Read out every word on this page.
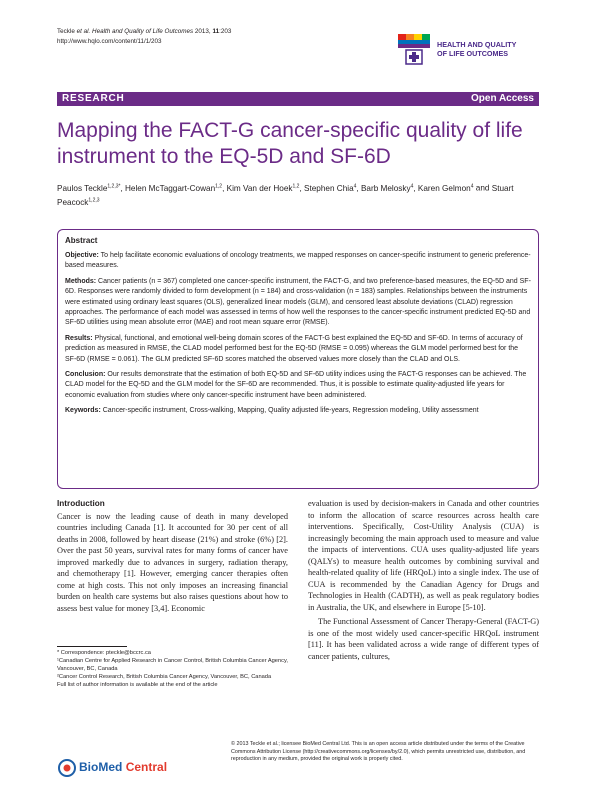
Teckle et al. Health and Quality of Life Outcomes 2013, 11:203
http://www.hqlo.com/content/11/1/203	HEALTH AND QUALITY
OF LIFE OUTCOMES
RESEARCH	Open Access
Mapping the FACT-G cancer-specific quality of life instrument to the EQ-5D and SF-6D
Paulos Teckle$^{1,2,3*}$, Helen McTaggart-Cowan$^{1,2}$, Kim Van der Hoek$^{1,2}$, Stephen Chia$^4$, Barb Melosky$^4$, Karen Gelmon$^4$ and Stuart Peacock$^{1,2,3}$
Abstract

Objective: To help facilitate economic evaluations of oncology treatments, we mapped responses on cancer-specific instrument to generic preference-based measures.

Methods: Cancer patients (n = 367) completed one cancer-specific instrument, the FACT-G, and two preference-based measures, the EQ-5D and SF-6D. Responses were randomly divided to form development (n = 184) and cross-validation (n = 183) samples. Relationships between the instruments were estimated using ordinary least squares (OLS), generalized linear models (GLM), and censored least absolute deviations (CLAD) regression approaches. The performance of each model was assessed in terms of how well the responses to the cancer-specific instrument predicted EQ-5D and SF-6D utilities using mean absolute error (MAE) and root mean square error (RMSE).

Results: Physical, functional, and emotional well-being domain scores of the FACT-G best explained the EQ-5D and SF-6D. In terms of accuracy of prediction as measured in RMSE, the CLAD model performed best for the EQ-5D (RMSE = 0.095) whereas the GLM model performed best for the SF-6D (RMSE = 0.061). The GLM predicted SF-6D scores matched the observed values more closely than the CLAD and OLS.

Conclusion: Our results demonstrate that the estimation of both EQ-5D and SF-6D utility indices using the FACT-G responses can be achieved. The CLAD model for the EQ-5D and the GLM model for the SF-6D are recommended. Thus, it is possible to estimate quality-adjusted life years for economic evaluation from studies where only cancer-specific instrument have been administered.

Keywords: Cancer-specific instrument, Cross-walking, Mapping, Quality adjusted life-years, Regression modeling, Utility assessment

Introduction

Cancer is now the leading cause of death in many developed countries including Canada [1]. It accounted for 30 per cent of all deaths in 2008, followed by heart disease (21%) and stroke (6%) [2]. Over the past 50 years, survival rates for many forms of cancer have improved markedly due to advances in surgery, radiation therapy, and chemotherapy [1]. However, emerging cancer therapies often come at high costs. This not only imposes an increasing financial burden on health care systems but also raises questions about how to assess best value for money [3,4]. Economic

evaluation is used by decision-makers in Canada and other countries to inform the allocation of scarce resources across health care interventions. Specifically, Cost-Utility Analysis (CUA) is increasingly becoming the main approach used to measure and value the impacts of interventions. CUA uses quality-adjusted life years (QALYs) to measure health outcomes by combining survival and health-related quality of life (HRQoL) into a single index. The use of CUA is recommended by the Canadian Agency for Drugs and Technologies in Health (CADTH), as well as peak regulatory bodies in Australia, the UK, and elsewhere in Europe [5-10].

The Functional Assessment of Cancer Therapy-General (FACT-G) is one of the most widely used cancer-specific HRQoL instrument [11]. It has been validated across a wide range of different types of cancer patients, cultures,

* Correspondence: pteckle@bccrc.ca

¹Canadian Centre for Applied Research in Cancer Control, British Columbia Cancer Agency, Vancouver, BC, Canada

²Cancer Control Research, British Columbia Cancer Agency, Vancouver, BC, Canada

Full list of author information is available at the end of the article

BioMed Central
© 2013 Teckle et al.; licensee BioMed Central Ltd. This is an open access article distributed under the terms of the Creative Commons Attribution License (http://creativecommons.org/licenses/by/2.0), which permits unrestricted use, distribution, and reproduction in any medium, provided the original work is properly cited.
